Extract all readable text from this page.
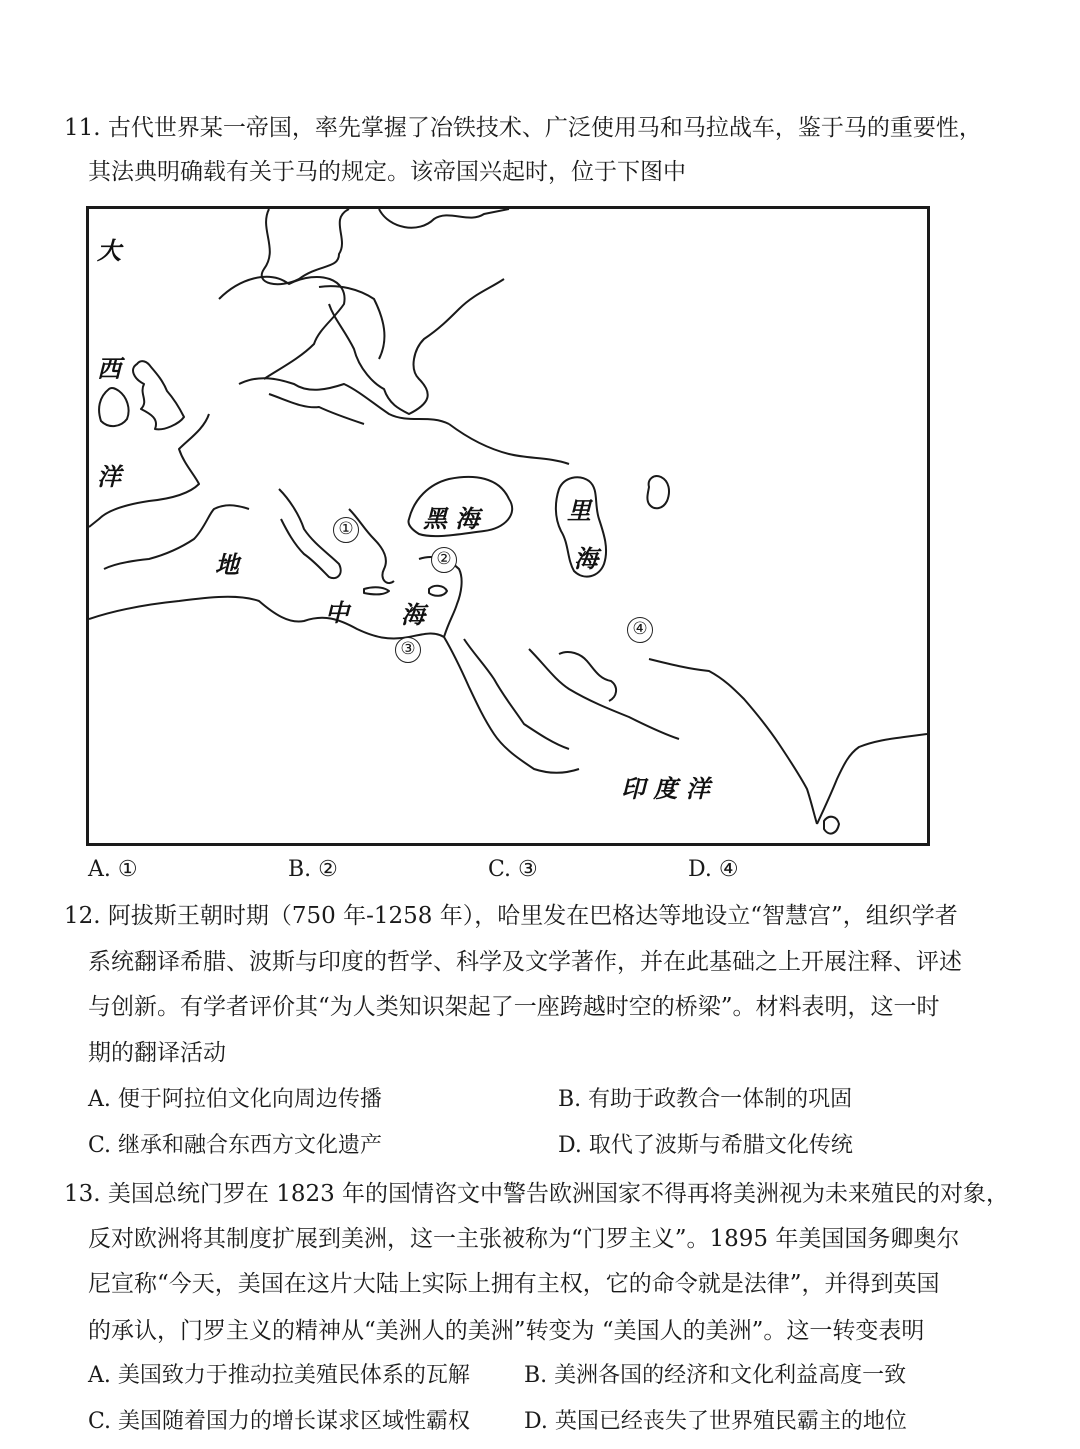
11. 古代世界某一帝国，率先掌握了冶铁技术、广泛使用马和马拉战车，鉴于马的重要性，
其法典明确载有关于马的规定。该帝国兴起时，位于下图中
大
西
洋
黑 海	里
海
地
中 海
印 度 洋
①
②
③
④
A. ①	B. ②	C. ③	D. ④
12. 阿拔斯王朝时期（750 年-1258 年），哈里发在巴格达等地设立“智慧宫”，组织学者
系统翻译希腊、波斯与印度的哲学、科学及文学著作，并在此基础之上开展注释、评述
与创新。有学者评价其“为人类知识架起了一座跨越时空的桥梁”。材料表明，这一时
期的翻译活动
A. 便于阿拉伯文化向周边传播	B. 有助于政教合一体制的巩固
C. 继承和融合东西方文化遗产	D. 取代了波斯与希腊文化传统
13. 美国总统门罗在 1823 年的国情咨文中警告欧洲国家不得再将美洲视为未来殖民的对象，
反对欧洲将其制度扩展到美洲，这一主张被称为“门罗主义”。1895 年美国国务卿奥尔
尼宣称“今天，美国在这片大陆上实际上拥有主权，它的命令就是法律”，并得到英国
的承认，门罗主义的精神从“美洲人的美洲”转变为 “美国人的美洲”。这一转变表明
A. 美国致力于推动拉美殖民体系的瓦解 B. 美洲各国的经济和文化利益高度一致
C. 美国随着国力的增长谋求区域性霸权 D. 英国已经丧失了世界殖民霸主的地位
